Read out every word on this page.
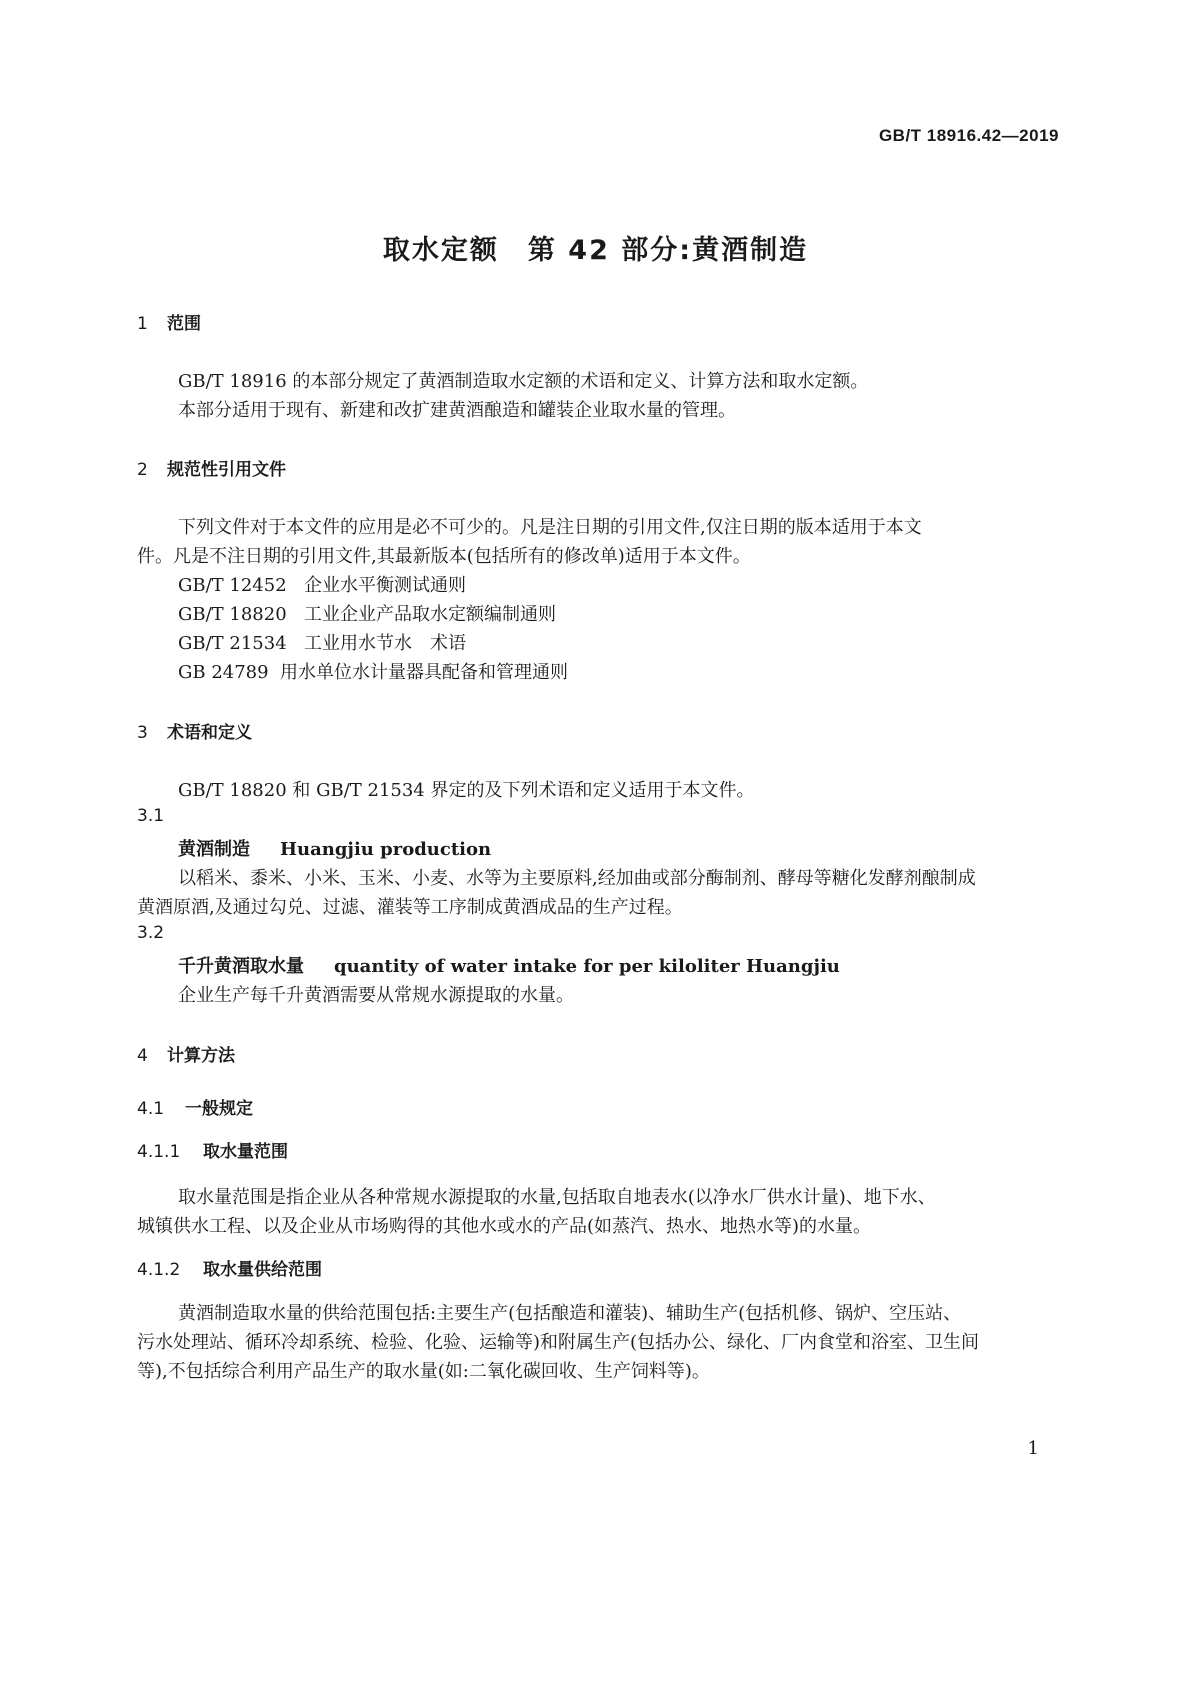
GB/T 18916.42—2019
取水定额　第 42 部分:黄酒制造
1 范围
GB/T 18916 的本部分规定了黄酒制造取水定额的术语和定义、计算方法和取水定额。
本部分适用于现有、新建和改扩建黄酒酿造和罐装企业取水量的管理。
2 规范性引用文件
下列文件对于本文件的应用是必不可少的。凡是注日期的引用文件,仅注日期的版本适用于本文
件。凡是不注日期的引用文件,其最新版本(包括所有的修改单)适用于本文件。
GB/T 12452 企业水平衡测试通则
GB/T 18820 工业企业产品取水定额编制通则
GB/T 21534 工业用水节水　术语
GB 24789 用水单位水计量器具配备和管理通则
3 术语和定义
GB/T 18820 和 GB/T 21534 界定的及下列术语和定义适用于本文件。
3.1
黄酒制造 Huangjiu production
以稻米、黍米、小米、玉米、小麦、水等为主要原料,经加曲或部分酶制剂、酵母等糖化发酵剂酿制成
黄酒原酒,及通过勾兑、过滤、灌装等工序制成黄酒成品的生产过程。
3.2
千升黄酒取水量 quantity of water intake for per kiloliter Huangjiu
企业生产每千升黄酒需要从常规水源提取的水量。
4 计算方法
4.1 一般规定
4.1.1 取水量范围
取水量范围是指企业从各种常规水源提取的水量,包括取自地表水(以净水厂供水计量)、地下水、
城镇供水工程、以及企业从市场购得的其他水或水的产品(如蒸汽、热水、地热水等)的水量。
4.1.2 取水量供给范围
黄酒制造取水量的供给范围包括:主要生产(包括酿造和灌装)、辅助生产(包括机修、锅炉、空压站、
污水处理站、循环冷却系统、检验、化验、运输等)和附属生产(包括办公、绿化、厂内食堂和浴室、卫生间
等),不包括综合利用产品生产的取水量(如:二氧化碳回收、生产饲料等)。
1
